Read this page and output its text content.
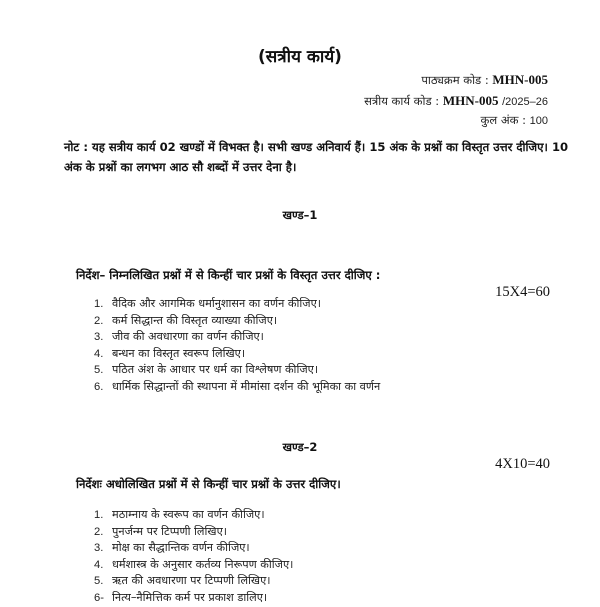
(सत्रीय कार्य)
पाठ्यक्रम कोड : MHN-005
सत्रीय कार्य कोड : MHN-005 /2025–26
कुल अंक : 100
नोट : यह सत्रीय कार्य 02 खण्डों में विभक्त है। सभी खण्ड अनिवार्य हैं। 15 अंक के प्रश्नों का विस्तृत उत्तर दीजिए। 10 अंक के प्रश्नों का लगभग आठ सौ शब्दों में उत्तर देना है।
खण्ड–1
निर्देश– निम्नलिखित प्रश्नों में से किन्हीं चार प्रश्नों के विस्तृत उत्तर दीजिए :
15X4=60
1. वैदिक और आगमिक धर्मानुशासन का वर्णन कीजिए।
2. कर्म सिद्धान्त की विस्तृत व्याख्या कीजिए।
3. जीव की अवधारणा का वर्णन कीजिए।
4. बन्धन का विस्तृत स्वरूप लिखिए।
5. पठित अंश के आधार पर धर्म का विश्लेषण कीजिए।
6. धार्मिक सिद्धान्तों की स्थापना में मीमांसा दर्शन की भूमिका का वर्णन
खण्ड–2
4X10=40
निर्देशः अधोलिखित प्रश्नों में से किन्हीं चार प्रश्नों के उत्तर दीजिए।
1. मठाम्नाय के स्वरूप का वर्णन कीजिए।
2. पुनर्जन्म पर टिप्पणी लिखिए।
3. मोक्ष का सैद्धान्तिक वर्णन कीजिए।
4. धर्मशास्त्र के अनुसार कर्तव्य निरूपण कीजिए।
5. ऋत की अवधारणा पर टिप्पणी लिखिए।
6- नित्य–नैमित्तिक कर्म पर प्रकाश डालिए।
